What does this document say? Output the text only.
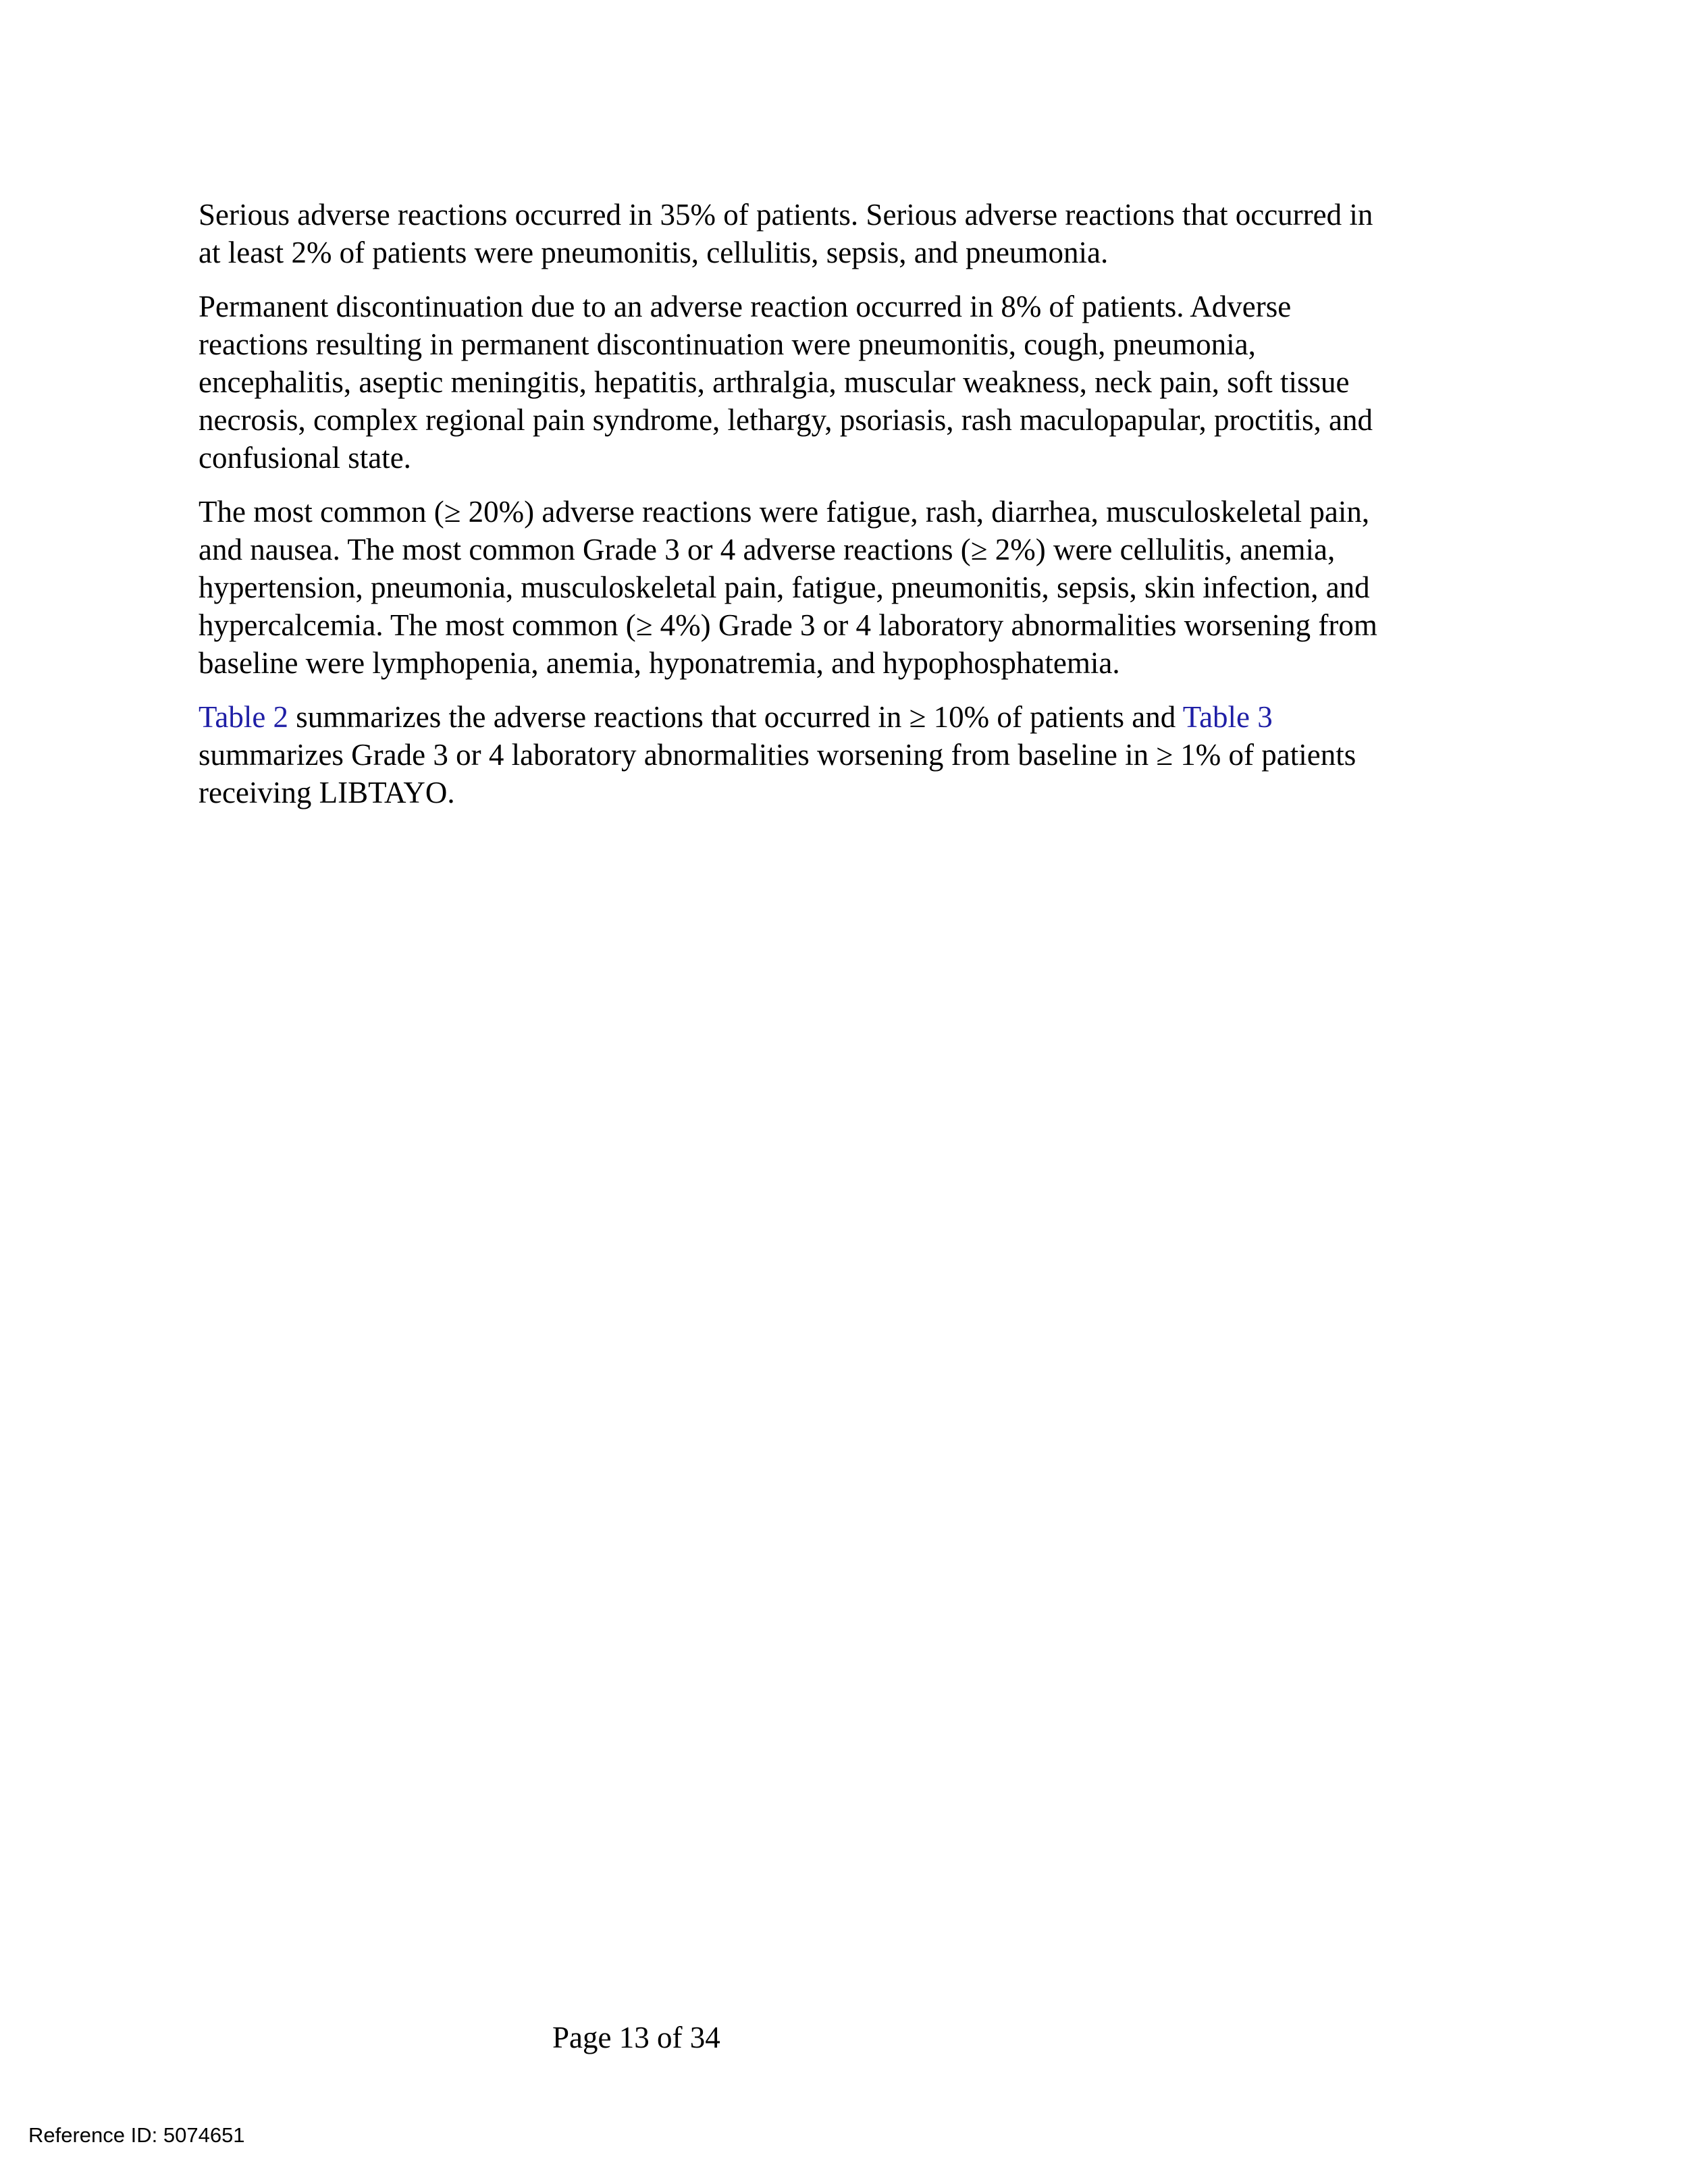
Serious adverse reactions occurred in 35% of patients. Serious adverse reactions that occurred in
at least 2% of patients were pneumonitis, cellulitis, sepsis, and pneumonia.

Permanent discontinuation due to an adverse reaction occurred in 8% of patients. Adverse
reactions resulting in permanent discontinuation were pneumonitis, cough, pneumonia,
encephalitis, aseptic meningitis, hepatitis, arthralgia, muscular weakness, neck pain, soft tissue
necrosis, complex regional pain syndrome, lethargy, psoriasis, rash maculopapular, proctitis, and
confusional state.

The most common (≥ 20%) adverse reactions were fatigue, rash, diarrhea, musculoskeletal pain,
and nausea. The most common Grade 3 or 4 adverse reactions (≥ 2%) were cellulitis, anemia,
hypertension, pneumonia, musculoskeletal pain, fatigue, pneumonitis, sepsis, skin infection, and
hypercalcemia. The most common (≥ 4%) Grade 3 or 4 laboratory abnormalities worsening from
baseline were lymphopenia, anemia, hyponatremia, and hypophosphatemia.

Table 2 summarizes the adverse reactions that occurred in ≥ 10% of patients and Table 3
summarizes Grade 3 or 4 laboratory abnormalities worsening from baseline in ≥ 1% of patients
receiving LIBTAYO.

Page 13 of 34
Reference ID: 5074651
